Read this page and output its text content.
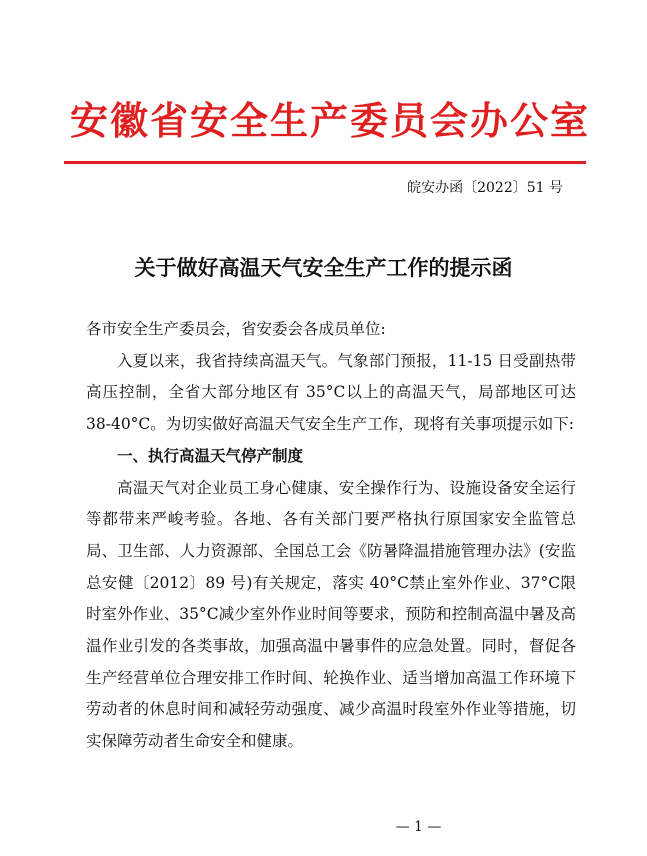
安徽省安全生产委员会办公室
皖安办函〔2022〕51 号
关于做好高温天气安全生产工作的提示函

各市安全生产委员会，省安委会各成员单位:

入夏以来，我省持续高温天气。气象部门预报，11-15 日受副热带高压控制，全省大部分地区有 35°C以上的高温天气，局部地区可达 38-40°C。为切实做好高温天气安全生产工作，现将有关事项提示如下:

一、执行高温天气停产制度

高温天气对企业员工身心健康、安全操作行为、设施设备安全运行等都带来严峻考验。各地、各有关部门要严格执行原国家安全监管总局、卫生部、人力资源部、全国总工会《防暑降温措施管理办法》(安监总安健〔2012〕89 号)有关规定，落实 40°C禁止室外作业、37°C限时室外作业、35°C减少室外作业时间等要求，预防和控制高温中暑及高温作业引发的各类事故，加强高温中暑事件的应急处置。同时，督促各生产经营单位合理安排工作时间、轮换作业、适当增加高温工作环境下劳动者的休息时间和减轻劳动强度、减少高温时段室外作业等措施，切实保障劳动者生命安全和健康。

— 1 —
